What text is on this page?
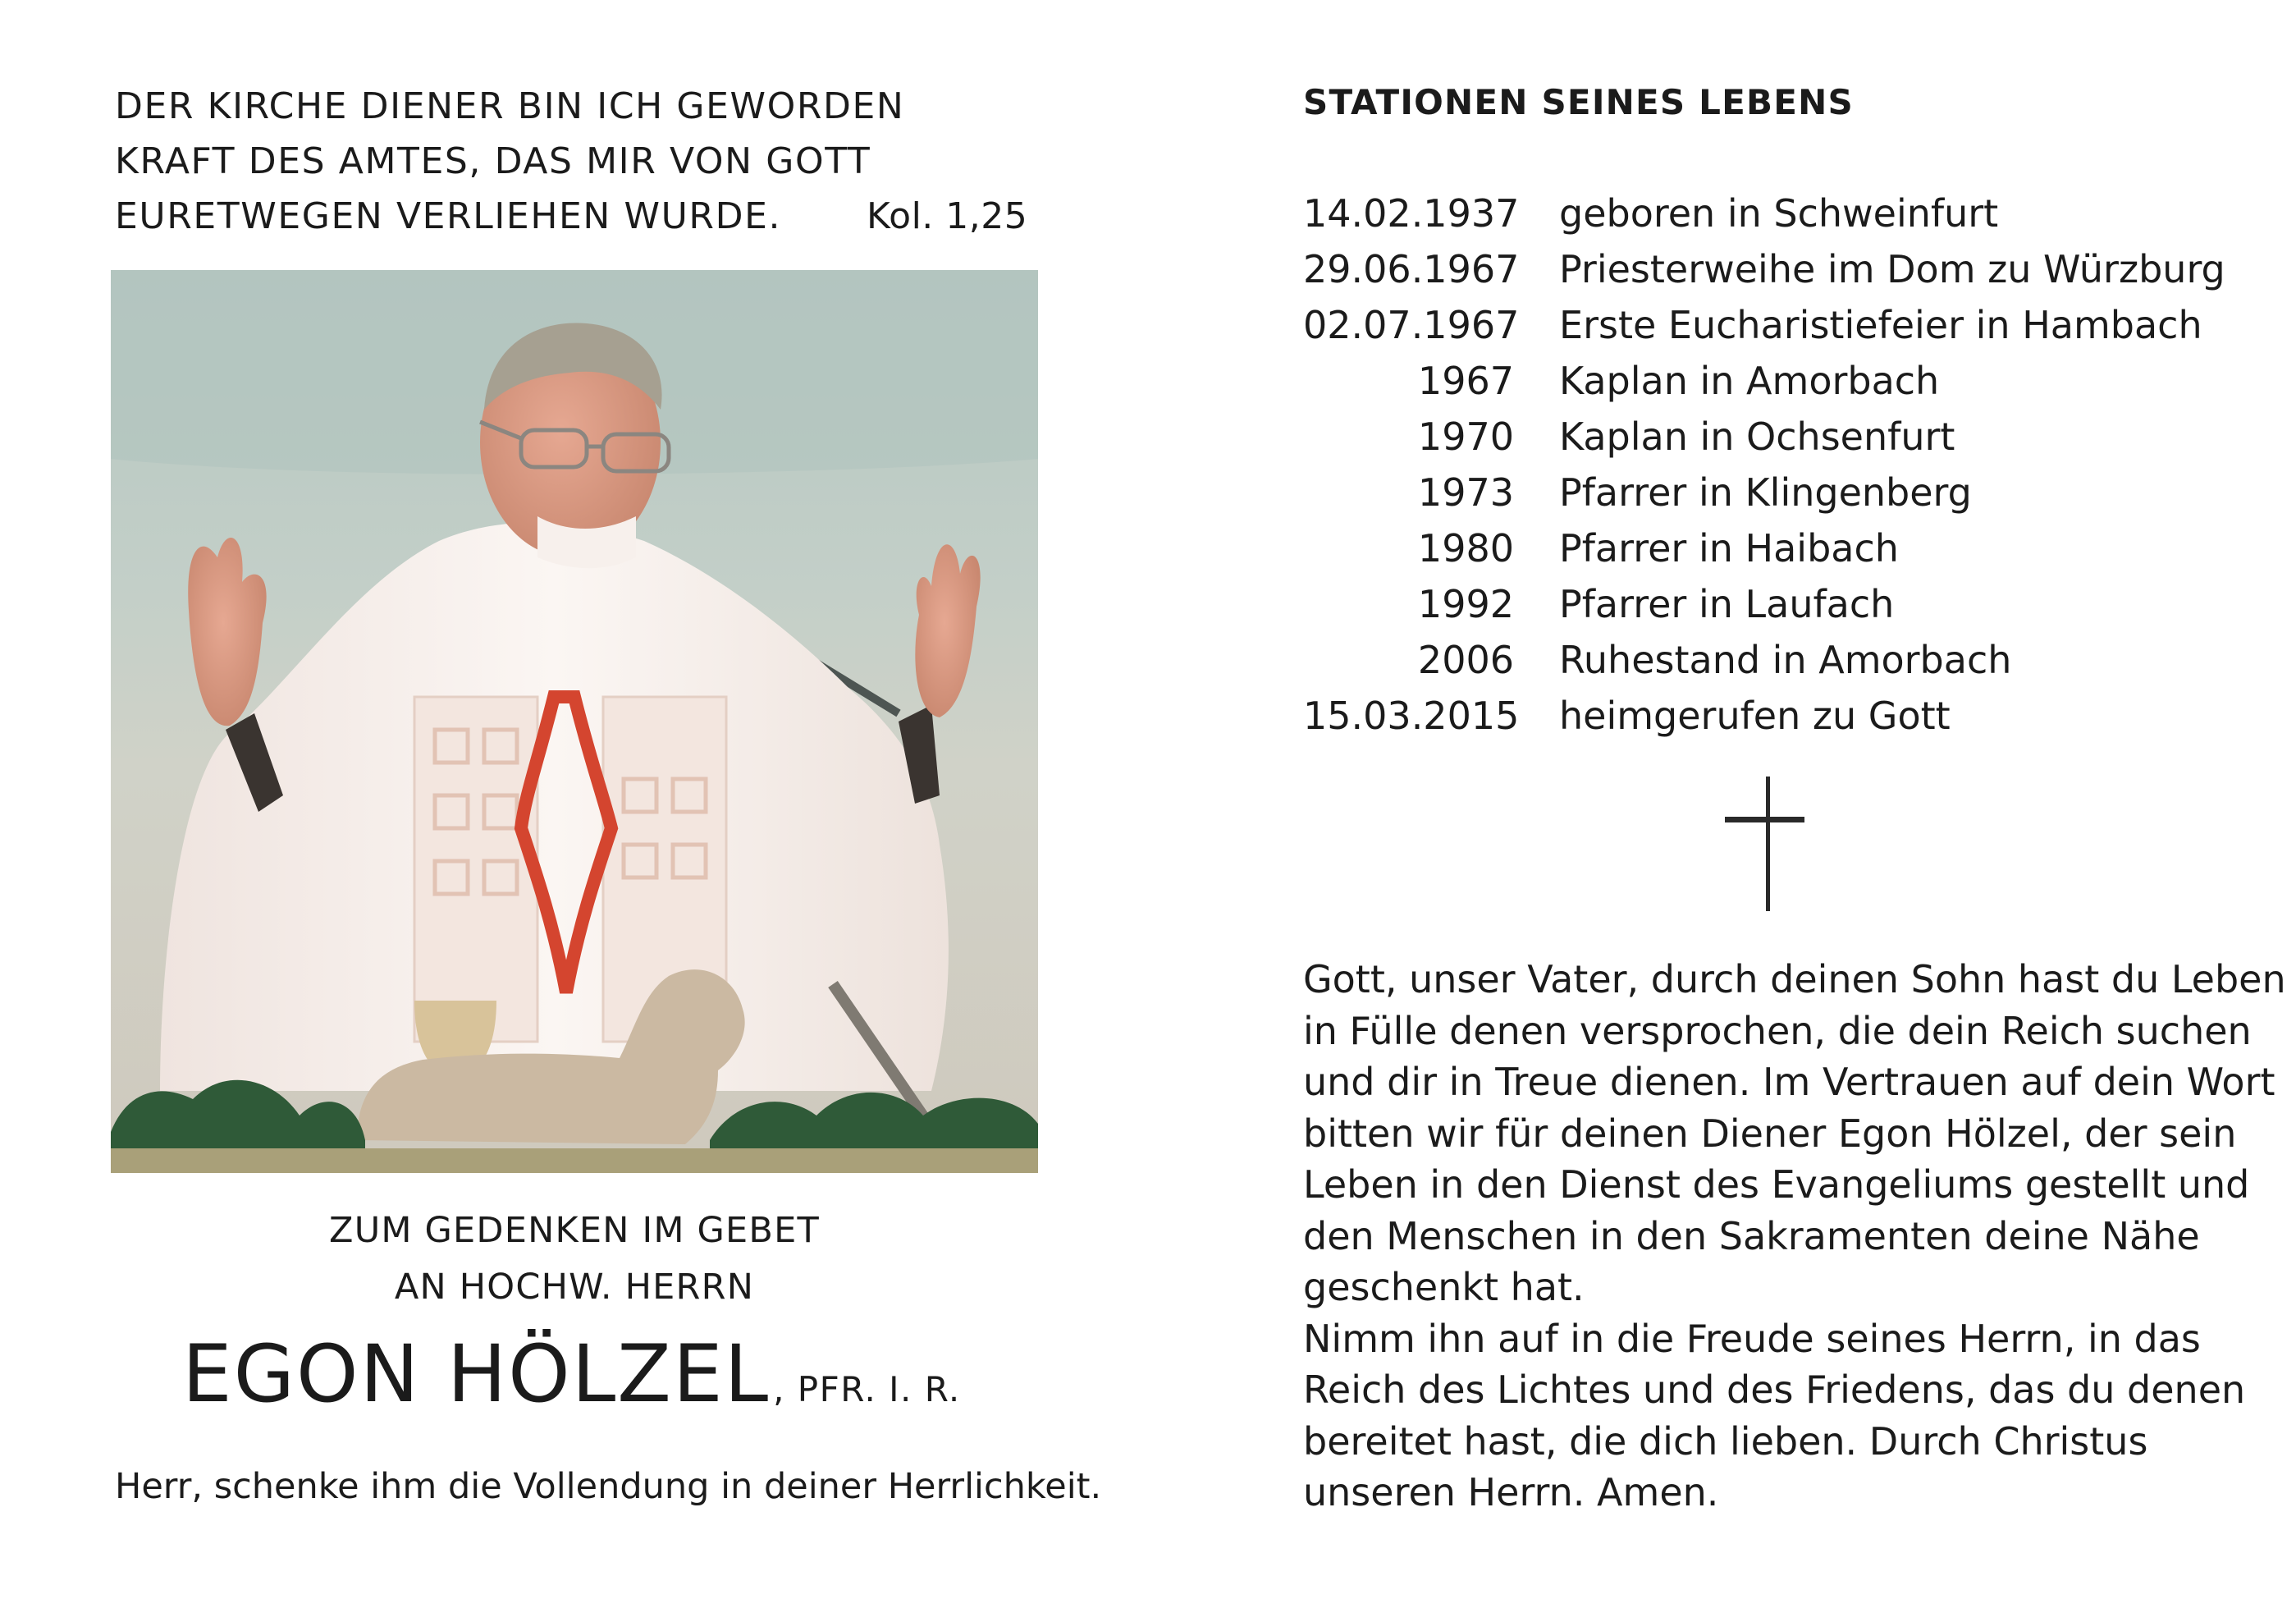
DER KIRCHE DIENER BIN ICH GEWORDEN
KRAFT DES AMTES, DAS MIR VON GOTT
EURETWEGEN VERLIEHEN WURDE.	Kol. 1,25
ZUM GEDENKEN IM GEBET
AN HOCHW. HERRN
EGON HÖLZEL, PFR. I. R.
Herr, schenke ihm die Vollendung in deiner Herrlichkeit.
STATIONEN SEINES LEBENS
14.02.1937 geboren in Schweinfurt
29.06.1967 Priesterweihe im Dom zu Würzburg
02.07.1967 Erste Eucharistiefeier in Hambach
1967 Kaplan in Amorbach
1970 Kaplan in Ochsenfurt
1973 Pfarrer in Klingenberg
1980 Pfarrer in Haibach
1992 Pfarrer in Laufach
2006 Ruhestand in Amorbach
15.03.2015 heimgerufen zu Gott
Gott, unser Vater, durch deinen Sohn hast du Leben
in Fülle denen versprochen, die dein Reich suchen
und dir in Treue dienen. Im Vertrauen auf dein Wort
bitten wir für deinen Diener Egon Hölzel, der sein
Leben in den Dienst des Evangeliums gestellt und
den Menschen in den Sakramenten deine Nähe
geschenkt hat.
Nimm ihn auf in die Freude seines Herrn, in das
Reich des Lichtes und des Friedens, das du denen
bereitet hast, die dich lieben. Durch Christus
unseren Herrn. Amen.
